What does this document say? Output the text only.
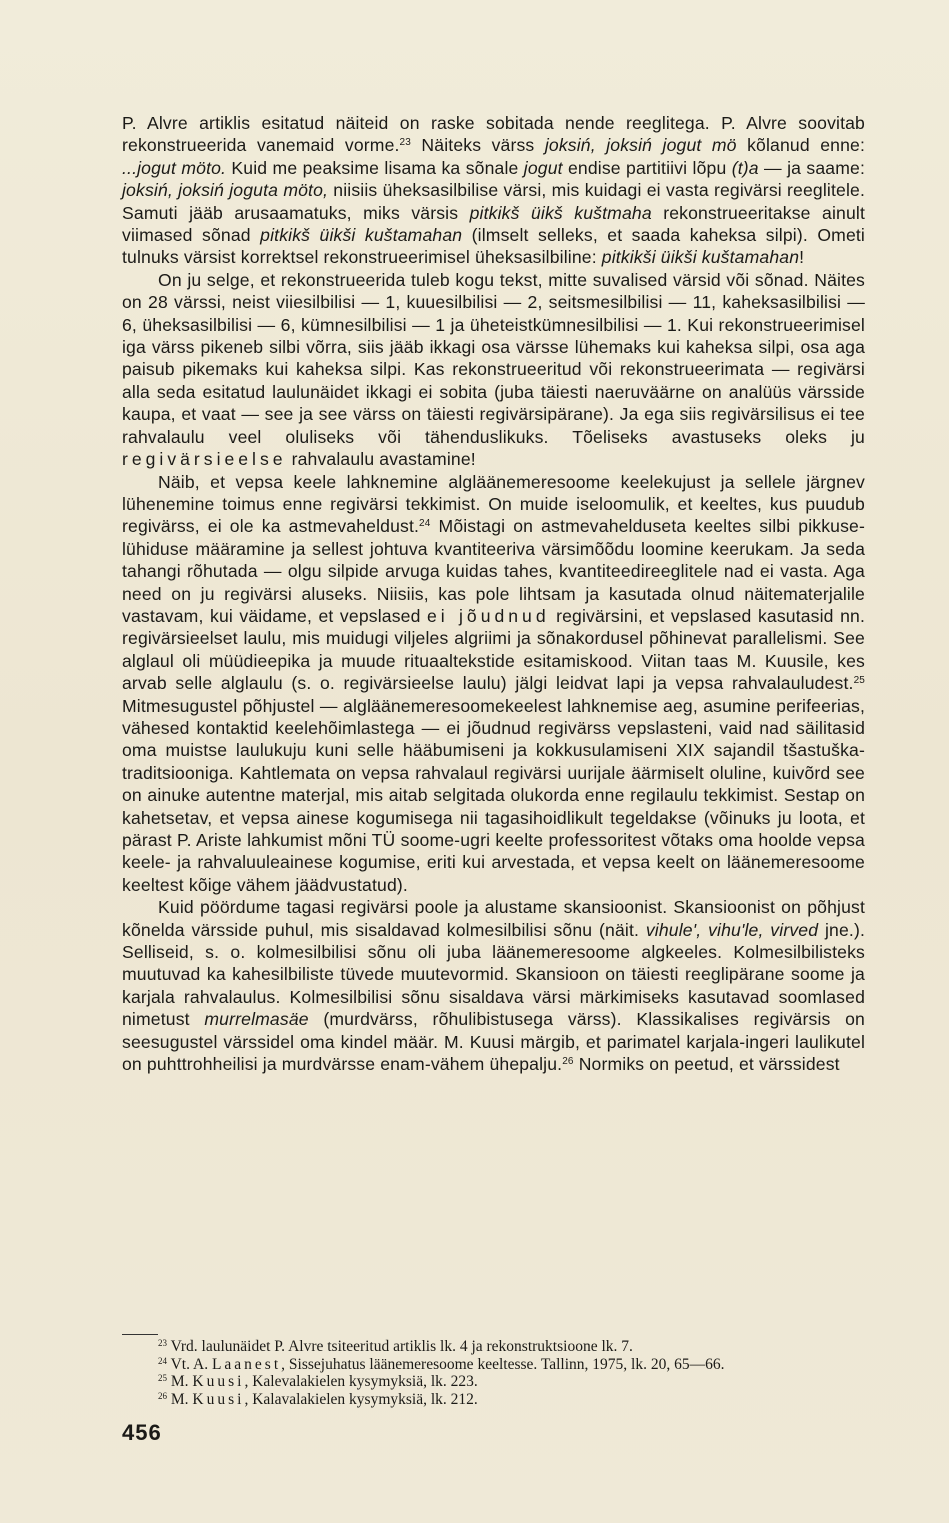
P. Alvre artiklis esitatud näiteid on raske sobitada nende reeglitega. P. Alvre soovitab rekonstrueerida vanemaid vorme.$^{23}$ Näiteks värss joksiń, joksiń jogut mö kõlanud enne: ...jogut möto. Kuid me peaksime lisama ka sõnale jogut endise partitiivi lõpu (t)a — ja saame: joksiń, joksiń joguta möto, niisiis üheksasilbilise värsi, mis kuidagi ei vasta regivärsi reeglitele. Samuti jääb arusaamatuks, miks värsis pitkikš üikš kuštmaha rekonstrueeritakse ainult viimased sõnad pitkikš üikši kuštamahan (ilmselt selleks, et saada kaheksa silpi). Ometi tulnuks värsist korrektsel rekonstrueerimisel üheksasilbiline: pitkikši üikši kuštamahan!

On ju selge, et rekonstrueerida tuleb kogu tekst, mitte suvalised värsid või sõnad. Näites on 28 värssi, neist viiesilbilisi — 1, kuuesilbilisi — 2, seitsmesilbilisi — 11, kaheksasilbilisi — 6, üheksasilbilisi — 6, kümnesilbilisi — 1 ja üheteistkümnesilbilisi — 1. Kui rekonstrueerimisel iga värss pikeneb silbi võrra, siis jääb ikkagi osa värsse lühemaks kui kaheksa silpi, osa aga paisub pikemaks kui kaheksa silpi. Kas rekonstrueeritud või rekonstrueerimata — regivärsi alla seda esitatud laulunäidet ikkagi ei sobita (juba täiesti naeruväärne on analüüs värsside kaupa, et vaat — see ja see värss on täiesti regivärsipärane). Ja ega siis regivärsilisus ei tee rahvalaulu veel oluliseks või tähenduslikuks. Tõeliseks avastuseks oleks ju regivärsieelse rahvalaulu avastamine!

Näib, et vepsa keele lahknemine algläänemeresoome keelekujust ja sellele järgnev lühenemine toimus enne regivärsi tekkimist. On muide iseloomulik, et keeltes, kus puudub regivärss, ei ole ka astmevaheldust.$^{24}$ Mõistagi on astmevahelduseta keeltes silbi pikkuse-lühiduse määramine ja sellest johtuva kvantiteeriva värsimõõdu loomine keerukam. Ja seda tahangi rõhutada — olgu silpide arvuga kuidas tahes, kvantiteedireeglitele nad ei vasta. Aga need on ju regivärsi aluseks. Niisiis, kas pole lihtsam ja kasutada olnud näitematerjalile vastavam, kui väidame, et vepslased ei jõudnud regivärsini, et vepslased kasutasid nn. regivärsieelset laulu, mis muidugi viljeles algriimi ja sõnakordusel põhinevat parallelismi. See alglaul oli müüdieepika ja muude rituaaltekstide esitamiskood. Viitan taas M. Kuusile, kes arvab selle alglaulu (s. o. regivärsieelse laulu) jälgi leidvat lapi ja vepsa rahvalauludest.$^{25}$ Mitmesugustel põhjustel — algläänemeresoomekeelest lahknemise aeg, asumine perifeerias, vähesed kontaktid keelehõimlastega — ei jõudnud regivärss vepslasteni, vaid nad säilitasid oma muistse laulukuju kuni selle hääbumiseni ja kokkusulamiseni XIX sajandil tšastuška-traditsiooniga. Kahtlemata on vepsa rahvalaul regivärsi uurijale äärmiselt oluline, kuivõrd see on ainuke autentne materjal, mis aitab selgitada olukorda enne regilaulu tekkimist. Sestap on kahetsetav, et vepsa ainese kogumisega nii tagasihoidlikult tegeldakse (võinuks ju loota, et pärast P. Ariste lahkumist mõni TÜ soome-ugri keelte professoritest võtaks oma hoolde vepsa keele- ja rahvaluuleainese kogumise, eriti kui arvestada, et vepsa keelt on läänemeresoome keeltest kõige vähem jäädvustatud).

Kuid pöördume tagasi regivärsi poole ja alustame skansioonist. Skansioonist on põhjust kõnelda värsside puhul, mis sisaldavad kolmesilbilisi sõnu (näit. vihule', vihu'le, virved jne.). Selliseid, s. o. kolmesilbilisi sõnu oli juba läänemeresoome algkeeles. Kolmesilbilisteks muutuvad ka kahesilbiliste tüvede muutevormid. Skansioon on täiesti reeglipärane soome ja karjala rahvalaulus. Kolmesilbilisi sõnu sisaldava värsi märkimiseks kasutavad soomlased nimetust murrelmasäe (murdvärss, rõhulibistusega värss). Klassikalises regivärsis on seesugustel värssidel oma kindel määr. M. Kuusi märgib, et parimatel karjala-ingeri laulikutel on puhttrohheilisi ja murdvärsse enam-vähem ühepalju.$^{26}$ Normiks on peetud, et värssidest

$^{23}$ Vrd. laulunäidet P. Alvre tsiteeritud artiklis lk. 4 ja rekonstruktsioone lk. 7.

$^{24}$ Vt. A. Laanest, Sissejuhatus läänemeresoome keeltesse. Tallinn, 1975, lk. 20, 65—66.

$^{25}$ M. Kuusi, Kalevalakielen kysymyksiä, lk. 223.

$^{26}$ M. Kuusi, Kalavalakielen kysymyksiä, lk. 212.

456
